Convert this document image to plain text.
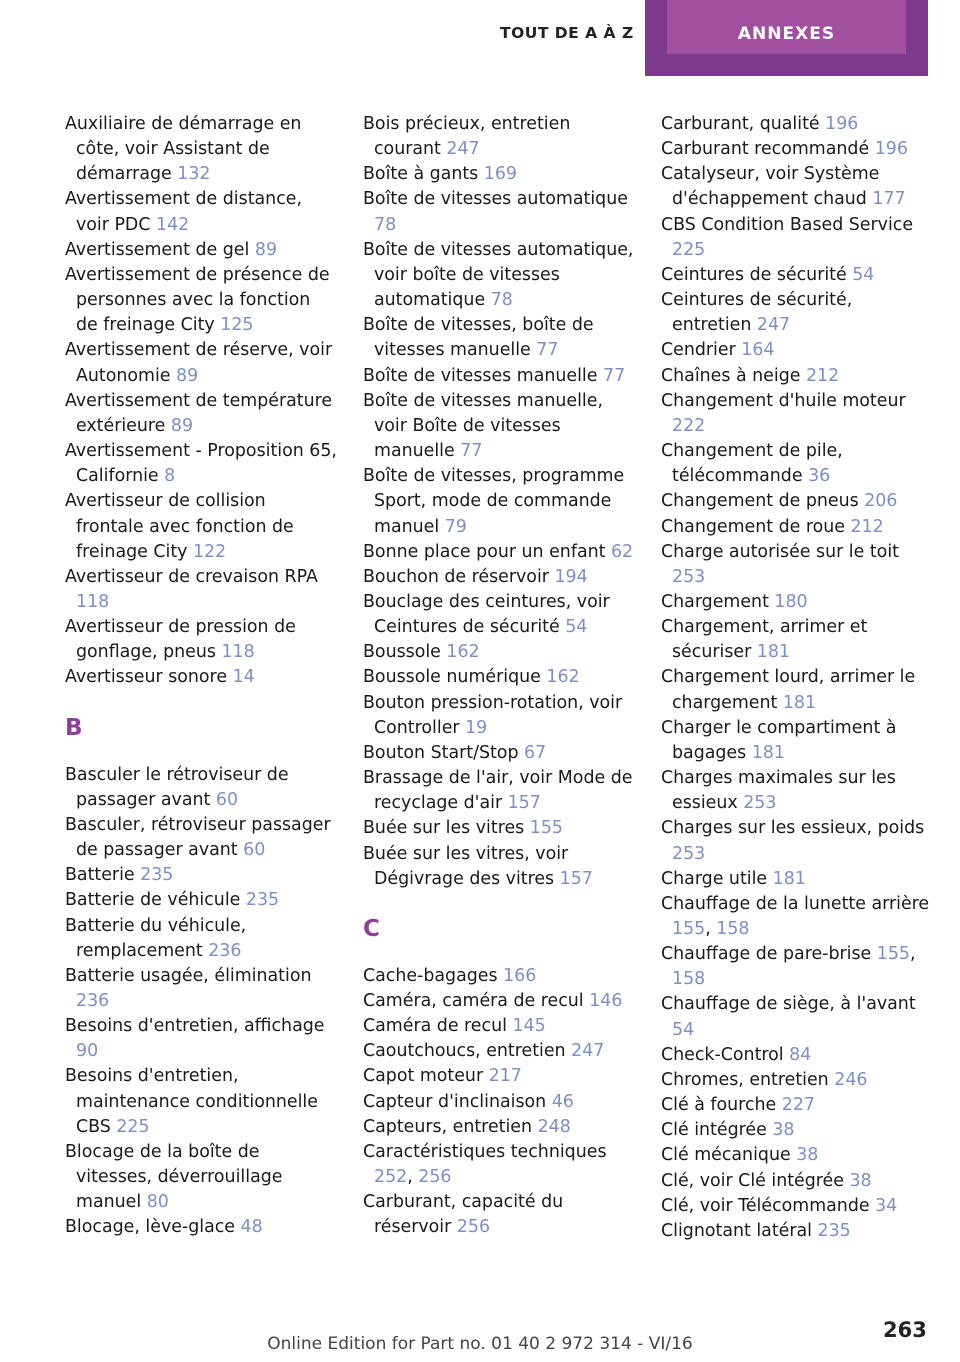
TOUT DE A À Z	ANNEXES

Auxiliaire de démarrage en côte, voir Assistant de démarrage 132

Avertissement de distance, voir PDC 142

Avertissement de gel 89

Avertissement de présence de personnes avec la fonction de freinage City 125

Avertissement de réserve, voir Autonomie 89

Avertissement de température extérieure 89

Avertissement - Proposition 65, Californie 8

Avertisseur de collision frontale avec fonction de freinage City 122

Avertisseur de crevaison RPA 118

Avertisseur de pression de gonflage, pneus 118

Avertisseur sonore 14

B

Basculer le rétroviseur de passager avant 60

Basculer, rétroviseur passager de passager avant 60

Batterie 235

Batterie de véhicule 235

Batterie du véhicule, remplacement 236

Batterie usagée, élimination 236

Besoins d'entretien, affichage 90

Besoins d'entretien, maintenance conditionnelle CBS 225

Blocage de la boîte de vitesses, déverrouillage manuel 80

Blocage, lève-glace 48

Bois précieux, entretien courant 247

Boîte à gants 169

Boîte de vitesses automatique 78

Boîte de vitesses automatique, voir boîte de vitesses automatique 78

Boîte de vitesses, boîte de vitesses manuelle 77

Boîte de vitesses manuelle 77

Boîte de vitesses manuelle, voir Boîte de vitesses manuelle 77

Boîte de vitesses, programme Sport, mode de commande manuel 79

Bonne place pour un enfant 62

Bouchon de réservoir 194

Bouclage des ceintures, voir Ceintures de sécurité 54

Boussole 162

Boussole numérique 162

Bouton pression-rotation, voir Controller 19

Bouton Start/Stop 67

Brassage de l'air, voir Mode de recyclage d'air 157

Buée sur les vitres 155

Buée sur les vitres, voir Dégivrage des vitres 157

C

Cache-bagages 166

Caméra, caméra de recul 146

Caméra de recul 145

Caoutchoucs, entretien 247

Capot moteur 217

Capteur d'inclinaison 46

Capteurs, entretien 248

Caractéristiques techniques 252, 256

Carburant, capacité du réservoir 256

Carburant, qualité 196

Carburant recommandé 196

Catalyseur, voir Système d'échappement chaud 177

CBS Condition Based Service 225

Ceintures de sécurité 54

Ceintures de sécurité, entretien 247

Cendrier 164

Chaînes à neige 212

Changement d'huile moteur 222

Changement de pile, télécommande 36

Changement de pneus 206

Changement de roue 212

Charge autorisée sur le toit 253

Chargement 180

Chargement, arrimer et sécuriser 181

Chargement lourd, arrimer le chargement 181

Charger le compartiment à bagages 181

Charges maximales sur les essieux 253

Charges sur les essieux, poids 253

Charge utile 181

Chauffage de la lunette arrière 155, 158

Chauffage de pare-brise 155, 158

Chauffage de siège, à l'avant 54

Check-Control 84

Chromes, entretien 246

Clé à fourche 227

Clé intégrée 38

Clé mécanique 38

Clé, voir Clé intégrée 38

Clé, voir Télécommande 34

Clignotant latéral 235

263
Online Edition for Part no. 01 40 2 972 314 - VI/16
